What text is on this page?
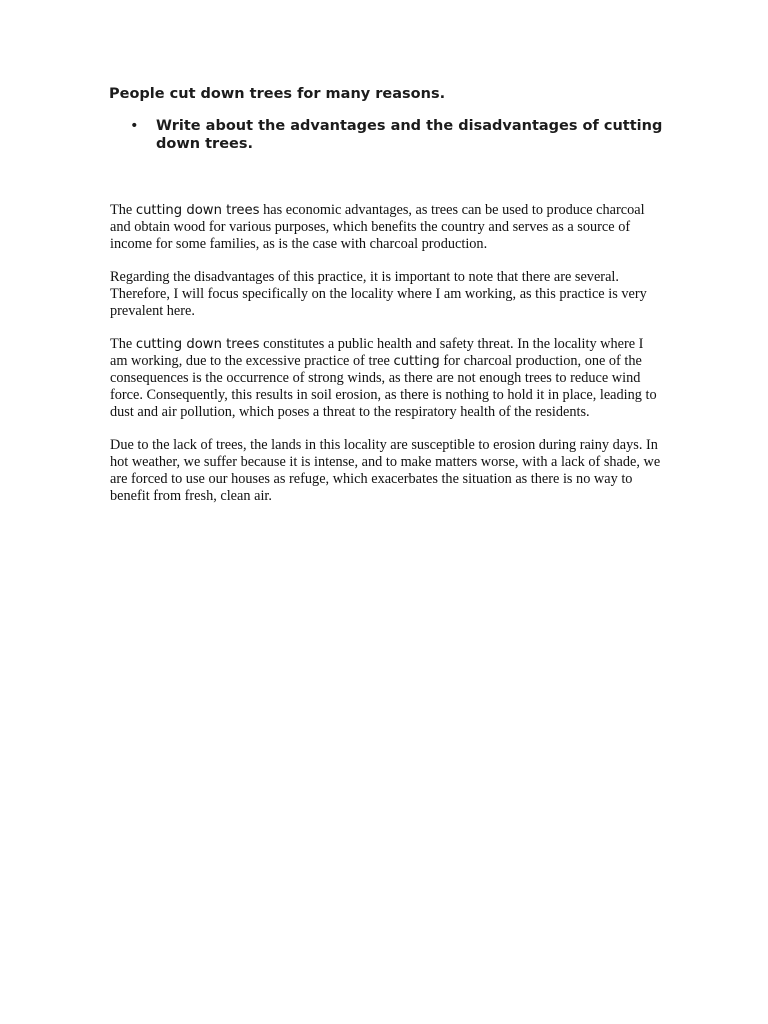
People cut down trees for many reasons.

• Write about the advantages and the disadvantages of cutting down trees.

The cutting down trees has economic advantages, as trees can be used to produce charcoal and obtain wood for various purposes, which benefits the country and serves as a source of income for some families, as is the case with charcoal production.

Regarding the disadvantages of this practice, it is important to note that there are several. Therefore, I will focus specifically on the locality where I am working, as this practice is very prevalent here.

The cutting down trees constitutes a public health and safety threat. In the locality where I am working, due to the excessive practice of tree cutting for charcoal production, one of the consequences is the occurrence of strong winds, as there are not enough trees to reduce wind force. Consequently, this results in soil erosion, as there is nothing to hold it in place, leading to dust and air pollution, which poses a threat to the respiratory health of the residents.

Due to the lack of trees, the lands in this locality are susceptible to erosion during rainy days. In hot weather, we suffer because it is intense, and to make matters worse, with a lack of shade, we are forced to use our houses as refuge, which exacerbates the situation as there is no way to benefit from fresh, clean air.
